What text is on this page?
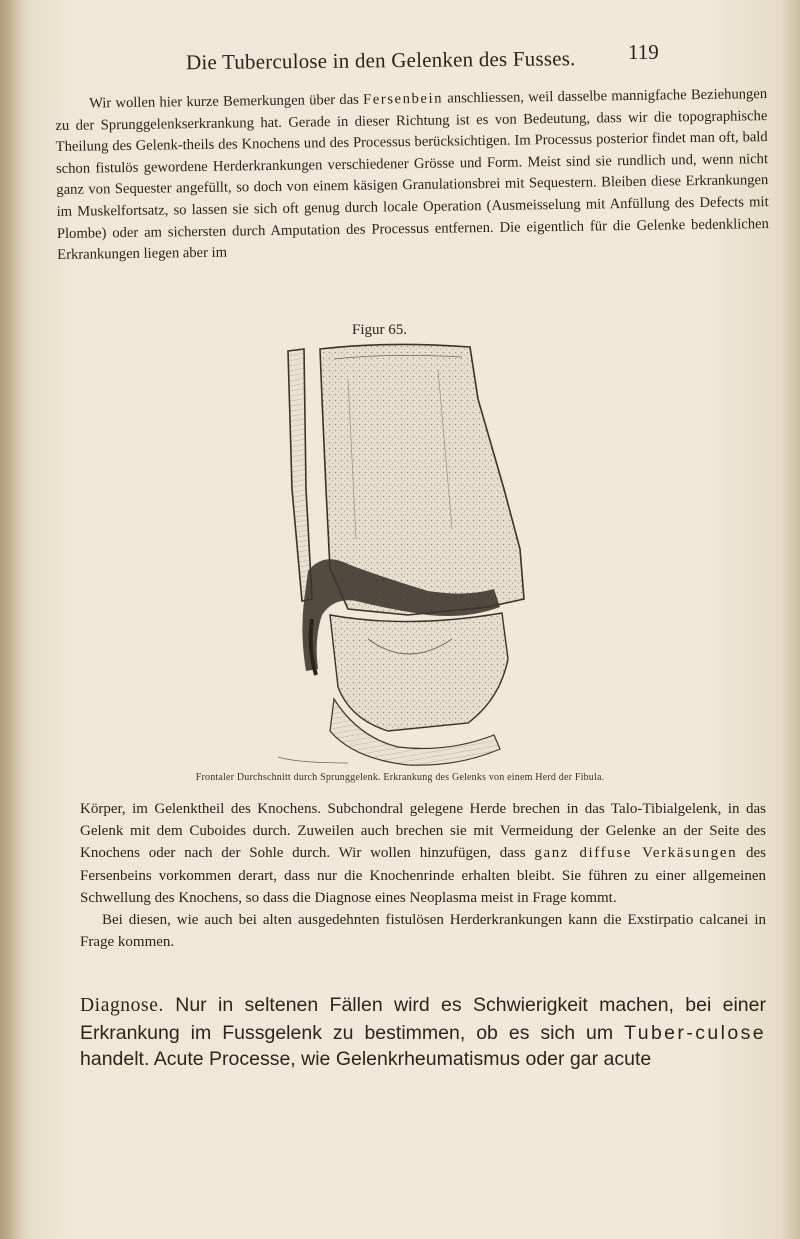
Die Tuberculose in den Gelenken des Fusses.	119

Wir wollen hier kurze Bemerkungen über das Fersenbein anschliessen, weil dasselbe mannigfache Beziehungen zu der Sprunggelenkserkrankung hat. Gerade in dieser Richtung ist es von Bedeutung, dass wir die topographische Theilung des Gelenk-theils des Knochens und des Processus berücksichtigen. Im Processus posterior findet man oft, bald schon fistulös gewordene Herderkrankungen verschiedener Grösse und Form. Meist sind sie rundlich und, wenn nicht ganz von Sequester angefüllt, so doch von einem käsigen Granulationsbrei mit Sequestern. Bleiben diese Erkrankungen im Muskelfortsatz, so lassen sie sich oft genug durch locale Operation (Ausmeisselung mit Anfüllung des Defects mit Plombe) oder am sichersten durch Amputation des Processus entfernen. Die eigentlich für die Gelenke bedenklichen Erkrankungen liegen aber im

Figur 65.
Frontaler Durchschnitt durch Sprunggelenk. Erkrankung des Gelenks von einem Herd der Fibula.

Körper, im Gelenktheil des Knochens. Subchondral gelegene Herde brechen in das Talo-Tibialgelenk, in das Gelenk mit dem Cuboides durch. Zuweilen auch brechen sie mit Vermeidung der Gelenke an der Seite des Knochens oder nach der Sohle durch. Wir wollen hinzufügen, dass ganz diffuse Verkäsungen des Fersenbeins vorkommen derart, dass nur die Knochenrinde erhalten bleibt. Sie führen zu einer allgemeinen Schwellung des Knochens, so dass die Diagnose eines Neoplasma meist in Frage kommt.

Bei diesen, wie auch bei alten ausgedehnten fistulösen Herderkrankungen kann die Exstirpatio calcanei in Frage kommen.

Diagnose. Nur in seltenen Fällen wird es Schwierigkeit machen, bei einer Erkrankung im Fussgelenk zu bestimmen, ob es sich um Tuber-culose handelt. Acute Processe, wie Gelenkrheumatismus oder gar acute
